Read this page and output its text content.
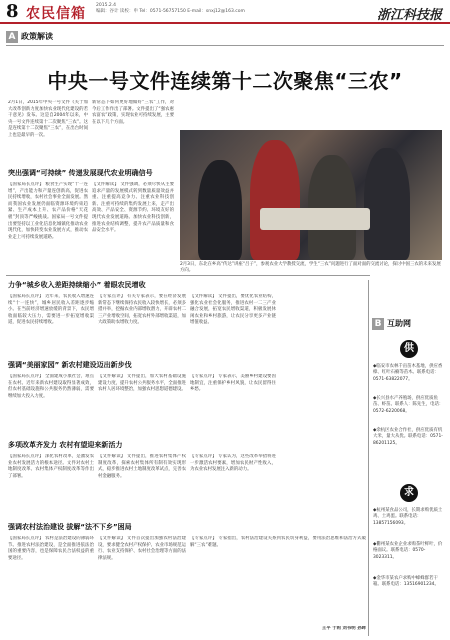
8 农民信箱
2015.2.4
编辑：谷计 读校：申 Tel：0571-56757150 E-mail：snxj12@163.com	浙江科技报
A 政策解读
中央一号文件连续第十二次聚焦“三农”
2月1日，2015年中央一号文件《关于加大改革创新力度加快农业现代化建设的若干意见》发布。这是自2004年以来，中央一号文件连续第十二次聚焦“三农”。这是连续第十二次聚焦“三农”，在出台时间上也是最早的一次。
新常态下如何更好地做好“三农”工作，对今后工作作出了部署。文件提出了“强农惠农富农”政策，实现农业可持续发展，主要在以下几个方面。
突出强调“可持续” 传递发展现代农业明确信号
【国家局长点评】 粮食生产实现“十一连增”，产出能力和产量连创新高，促进农民持续增收，农村社会事业全面发展。然而我国农业发展仍面临资源环境约束趋紧、生产成本上升、农产品价格“天花板”封顶等严峻挑战。国家局一号文件提出要坚持以工业化信息化城镇化推动农业现代化，加快转变农业发展方式，推动农业走上可持续发展道路。
【文件解读】 文件强调，必须尽快从主要追求产量的发展模式转到数量质量效益并重、注重提高竞争力、注重农业科技创新、注重可持续的集约发展上来，走产出高效、产品安全、资源节约、环境友好的现代农业发展道路。加快农业科技创新，推进农业结构调整，提升农产品质量和食品安全水平。
2月3日，东北在乡高“传达”讲座“吕子”，参观农业大学教授交流，学生“三农”问题进行了面对面的交流讨论，探讨中国三农的未来发展方向。
力争“城乡收入差距持续缩小” 着眼农民增收
【国家局长点评】 近年来，农民收入增速连续“十一连快”，城乡居民收入差距逐步缩小。在当前经济增速放缓的背景下，农民增收面临较大压力，需要进一步拓宽增收渠道，促进农民持续增收。
【专家点评】 有关专家表示，要在经济发展新常态下继续保持农民收入较快增长，必须多措并举，挖掘农业内部增收潜力，开辟农村二三产业增收空间，拓宽农村外部增收渠道，加大政策助农增收力度。
【文件解读】 文件提出，要优化农业结构，强化农业社会化服务，推进农村一二三产业融合发展，拓宽农民增收渠道，积极发展休闲农业和乡村旅游，让农民分享更多产业链增值收益。
强调“美丽家园” 新农村建设迈出新步伐
【国家局长点评】 全面建成小康社会，难点在农村。近年来新农村建设取得显著成效，但农村基础设施和公共服务仍然薄弱，需要继续加大投入力度。
【文件解读】 文件提出，加大农村基础设施建设力度，提升农村公共服务水平，全面推进农村人居环境整治，加强农村思想道德建设。
【专家点评】 专家表示，美丽乡村建设要因地制宜，注重保护乡村风貌，让农民留得住乡愁。
多项改革齐发力 农村有望迎来新活力
【国家局长点评】 深化农村改革，是激发农业农村发展活力的根本途径。文件对农村土地制度改革、农村集体产权制度改革等作出了部署。
【文件解读】 文件提出，推进农村集体产权制度改革，探索农村集体所有制有效实现形式，稳步推进农村土地制度改革试点，完善农村金融服务。
【专家点评】 专家认为，这些改革举措将进一步激活农村要素，增加农民财产性收入，为农业农村发展注入新的动力。
强调农村法治建设 拔解“法不下乡”困局
【国家局长点评】 农村是法治建设的薄弱环节。推进农村法治建设，是全面推进依法治国的重要内容，也是保障农民合法权益的重要途径。
【文件解读】 文件首次提出加强农村法治建设，要求健全农村产权保护、农业市场规范运行、农业支持保护、农村社会治理等方面的法律法规。
【专家点评】 专家指出，农村法治建设关系到农民切身利益，要用法治思维和法治方式破解“三农”难题。
王平 于莉 刘书明 孙晖
B 互助网
供
◆临安市农林千亩苗木基地，供应香樟、红叶石楠等苗木。联系电话：0571-63822077。
◆长兴县水产养殖场，供应优质鱼苗、虾苗。联系人：陈先生，电话：0572-6220068。
◆余杭区农业合作社，供应优质有机大米，量大从优。联系电话：0571-86201125。
求
◆杭州某食品公司，长期求购优质土鸡、土鸡蛋。联系电话：13857156093。
◆衢州某农业企业求购茶叶鲜叶，价格面议。联系电话：0570-3023311。
◆金华市某农户求购中蜂蜂群若干箱。联系电话：13516901234。
